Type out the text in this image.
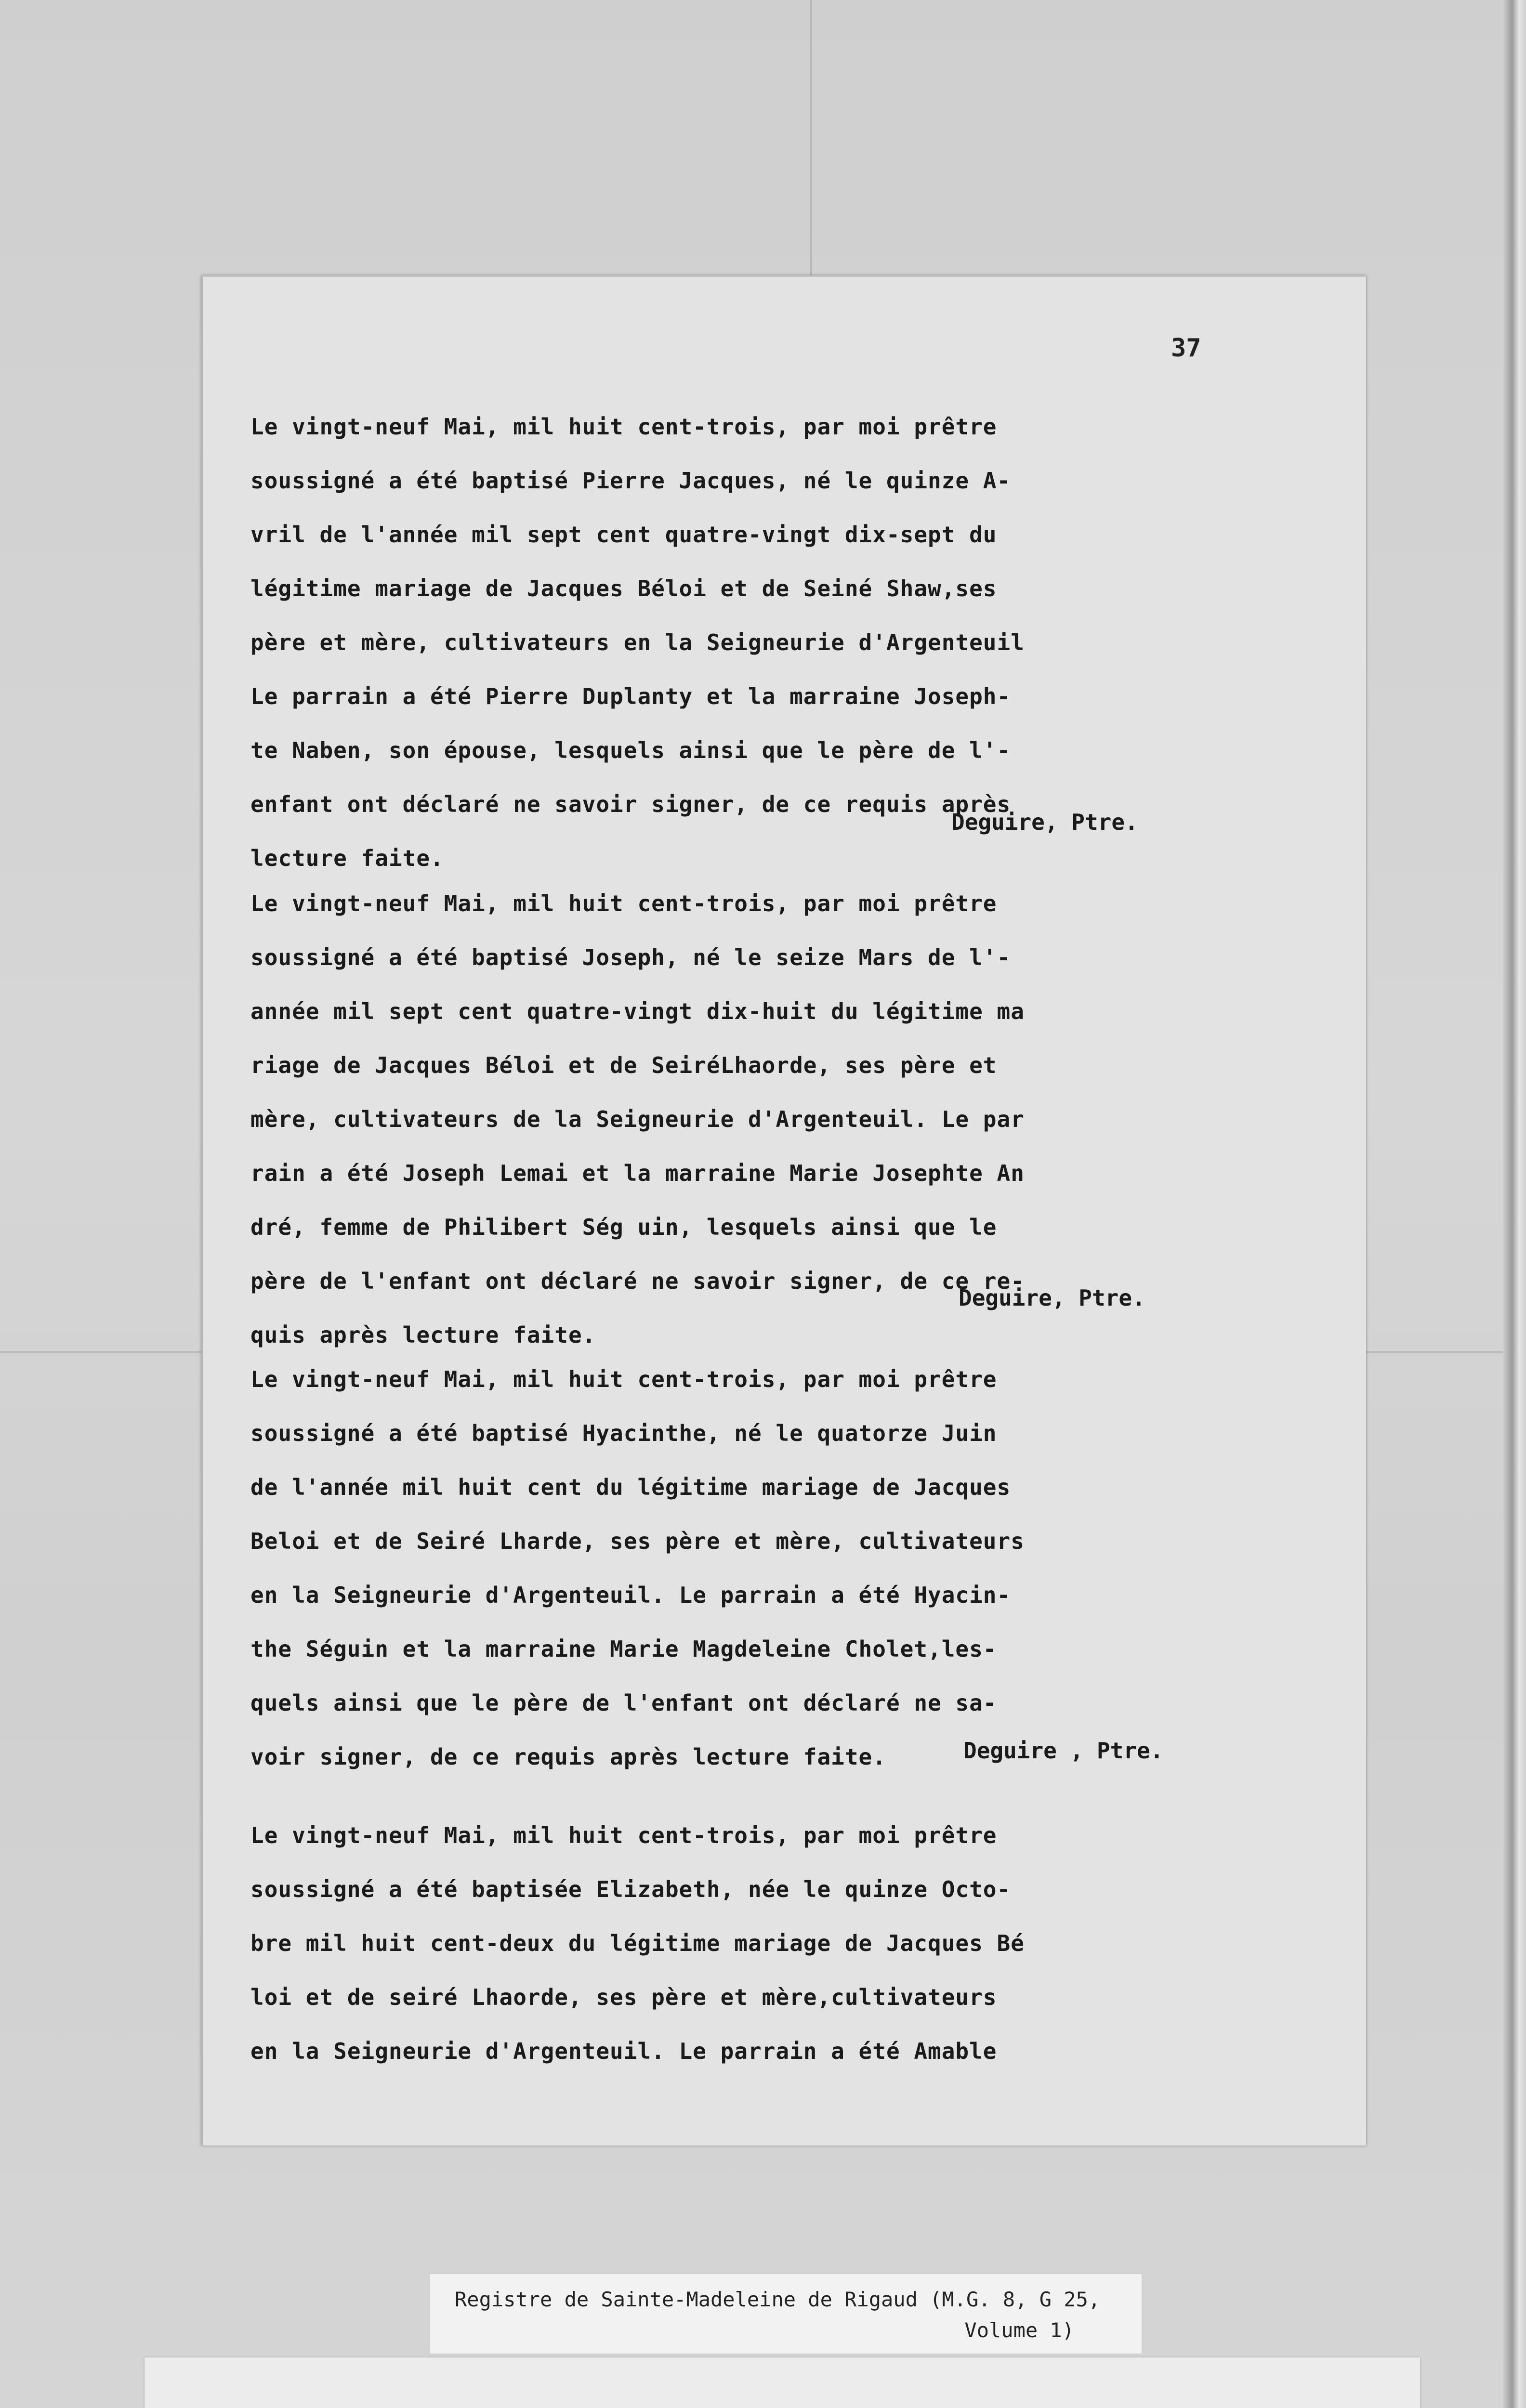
37
Le vingt-neuf Mai, mil huit cent-trois, par moi prêtre
soussigné a été baptisé Pierre Jacques, né le quinze A-
vril de l'année mil sept cent quatre-vingt dix-sept du
légitime mariage de Jacques Béloi et de Seiné Shaw,ses
père et mère, cultivateurs en la Seigneurie d'Argenteuil
Le parrain a été Pierre Duplanty et la marraine Joseph-
te Naben, son épouse, lesquels ainsi que le père de l'-
enfant ont déclaré ne savoir signer, de ce requis après
lecture faite.
Deguire, Ptre.
Le vingt-neuf Mai, mil huit cent-trois, par moi prêtre
soussigné a été baptisé Joseph, né le seize Mars de l'-
année mil sept cent quatre-vingt dix-huit du légitime ma
riage de Jacques Béloi et de SeiréLhaorde, ses père et
mère, cultivateurs de la Seigneurie d'Argenteuil. Le par
rain a été Joseph Lemai et la marraine Marie Josephte An
dré, femme de Philibert Ség uin, lesquels ainsi que le
père de l'enfant ont déclaré ne savoir signer, de ce re-
quis après lecture faite.
Deguire, Ptre.
Le vingt-neuf Mai, mil huit cent-trois, par moi prêtre
soussigné a été baptisé Hyacinthe, né le quatorze Juin
de l'année mil huit cent du légitime mariage de Jacques
Beloi et de Seiré Lharde, ses père et mère, cultivateurs
en la Seigneurie d'Argenteuil. Le parrain a été Hyacin-
the Séguin et la marraine Marie Magdeleine Cholet,les-
quels ainsi que le père de l'enfant ont déclaré ne sa-
voir signer, de ce requis après lecture faite.	Deguire , Ptre.
Le vingt-neuf Mai, mil huit cent-trois, par moi prêtre
soussigné a été baptisée Elizabeth, née le quinze Octo-
bre mil huit cent-deux du légitime mariage de Jacques Bé
loi et de seiré Lhaorde, ses père et mère,cultivateurs
en la Seigneurie d'Argenteuil. Le parrain a été Amable
Registre de Sainte-Madeleine de Rigaud (M.G. 8, G 25,
Volume 1)
